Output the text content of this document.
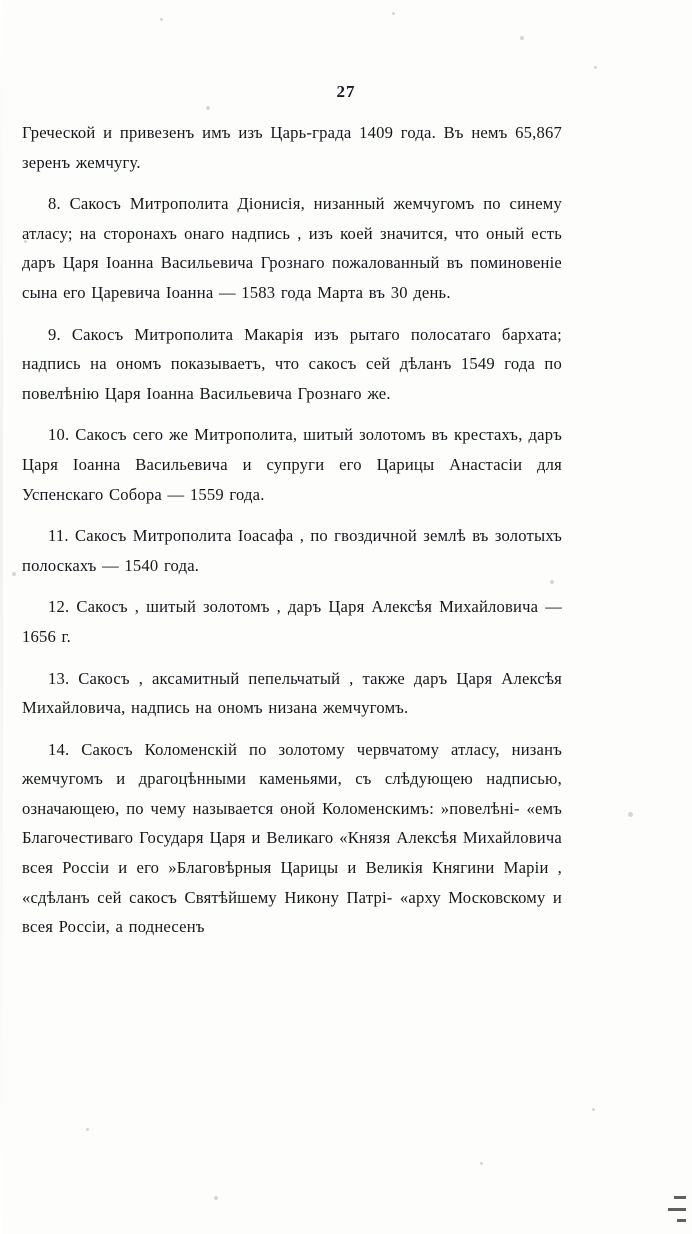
27

Греческой и привезенъ имъ изъ Царь-града 1409 года. Въ немъ 65,867 зеренъ жемчугу.

8. Сакосъ Митрополита Діонисія, низанный жемчугомъ по синему атласу; на сторонахъ онаго надпись , изъ коей значится, что оный есть даръ Царя Іоанна Васильевича Грознаго пожалованный въ поминовеніе сына его Царевича Іоанна — 1583 года Марта въ 30 день.

9. Сакосъ Митрополита Макарія изъ рытаго полосатаго бархата; надпись на ономъ показываетъ, что сакосъ сей дѣланъ 1549 года по повелѣнію Царя Іоанна Васильевича Грознаго же.

10. Сакосъ сего же Митрополита, шитый золотомъ въ крестахъ, даръ Царя Іоанна Васильевича и супруги его Царицы Анастасіи для Успенскаго Собора — 1559 года.

11. Сакосъ Митрополита Іоасафа , по гвоздичной землѣ въ золотыхъ полоскахъ — 1540 года.

12. Сакосъ , шитый золотомъ , даръ Царя Алексѣя Михайловича — 1656 г.

13. Сакосъ , аксамитный пепельчатый , также даръ Царя Алексѣя Михайловича, надпись на ономъ низана жемчугомъ.

14. Сакосъ Коломенскій по золотому червчатому атласу, низанъ жемчугомъ и драгоцѣнными каменьями, съ слѣдующею надписью, означающею, по чему называется оной Коломенскимъ: »повелѣні- «емъ Благочестиваго Государя Царя и Великаго «Князя Алексѣя Михайловича всея Россіи и его »Благовѣрныя Царицы и Великія Княгини Маріи , «сдѣланъ сей сакосъ Святѣйшему Никону Патрі- «арху Московскому и всея Россіи, а поднесенъ
